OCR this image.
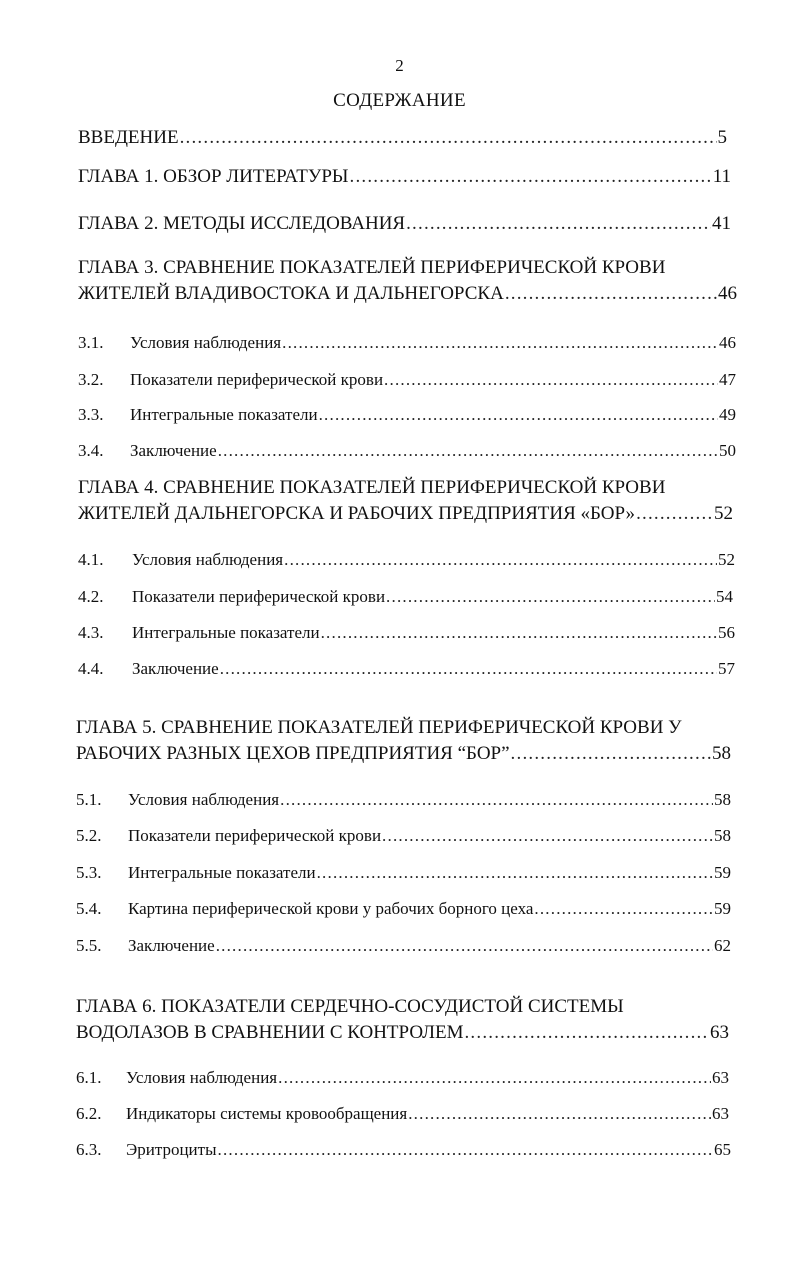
2
СОДЕРЖАНИЕ
ВВЕДЕНИЕ .....	5
ГЛАВА 1. ОБЗОР ЛИТЕРАТУРЫ .....	11
ГЛАВА 2. МЕТОДЫ ИССЛЕДОВАНИЯ .....	41
ГЛАВА 3. СРАВНЕНИЕ ПОКАЗАТЕЛЕЙ ПЕРИФЕРИЧЕСКОЙ КРОВИ
ЖИТЕЛЕЙ ВЛАДИВОСТОКА И ДАЛЬНЕГОРСКА .....	46
3.1. Условия наблюдения .....	46
3.2. Показатели периферической крови .....	47
3.3. Интегральные показатели .....	49
3.4. Заключение .....	50
ГЛАВА 4. СРАВНЕНИЕ ПОКАЗАТЕЛЕЙ ПЕРИФЕРИЧЕСКОЙ КРОВИ
ЖИТЕЛЕЙ ДАЛЬНЕГОРСКА И РАБОЧИХ ПРЕДПРИЯТИЯ «БОР» .....	52
4.1. Условия наблюдения .....	52
4.2. Показатели периферической крови .....	54
4.3. Интегральные показатели .....	56
4.4. Заключение .....	57
ГЛАВА 5. СРАВНЕНИЕ ПОКАЗАТЕЛЕЙ ПЕРИФЕРИЧЕСКОЙ КРОВИ У
РАБОЧИХ РАЗНЫХ ЦЕХОВ ПРЕДПРИЯТИЯ “БОР” .....	58
5.1. Условия наблюдения .....	58
5.2. Показатели периферической крови .....	58
5.3. Интегральные показатели .....	59
5.4. Картина периферической крови у рабочих борного цеха .....	59
5.5. Заключение .....	62
ГЛАВА 6. ПОКАЗАТЕЛИ СЕРДЕЧНО-СОСУДИСТОЙ СИСТЕМЫ
ВОДОЛАЗОВ В СРАВНЕНИИ С КОНТРОЛЕМ .....	63
6.1. Условия наблюдения .....	63
6.2. Индикаторы системы кровообращения .....	63
6.3. Эритроциты .....	65
